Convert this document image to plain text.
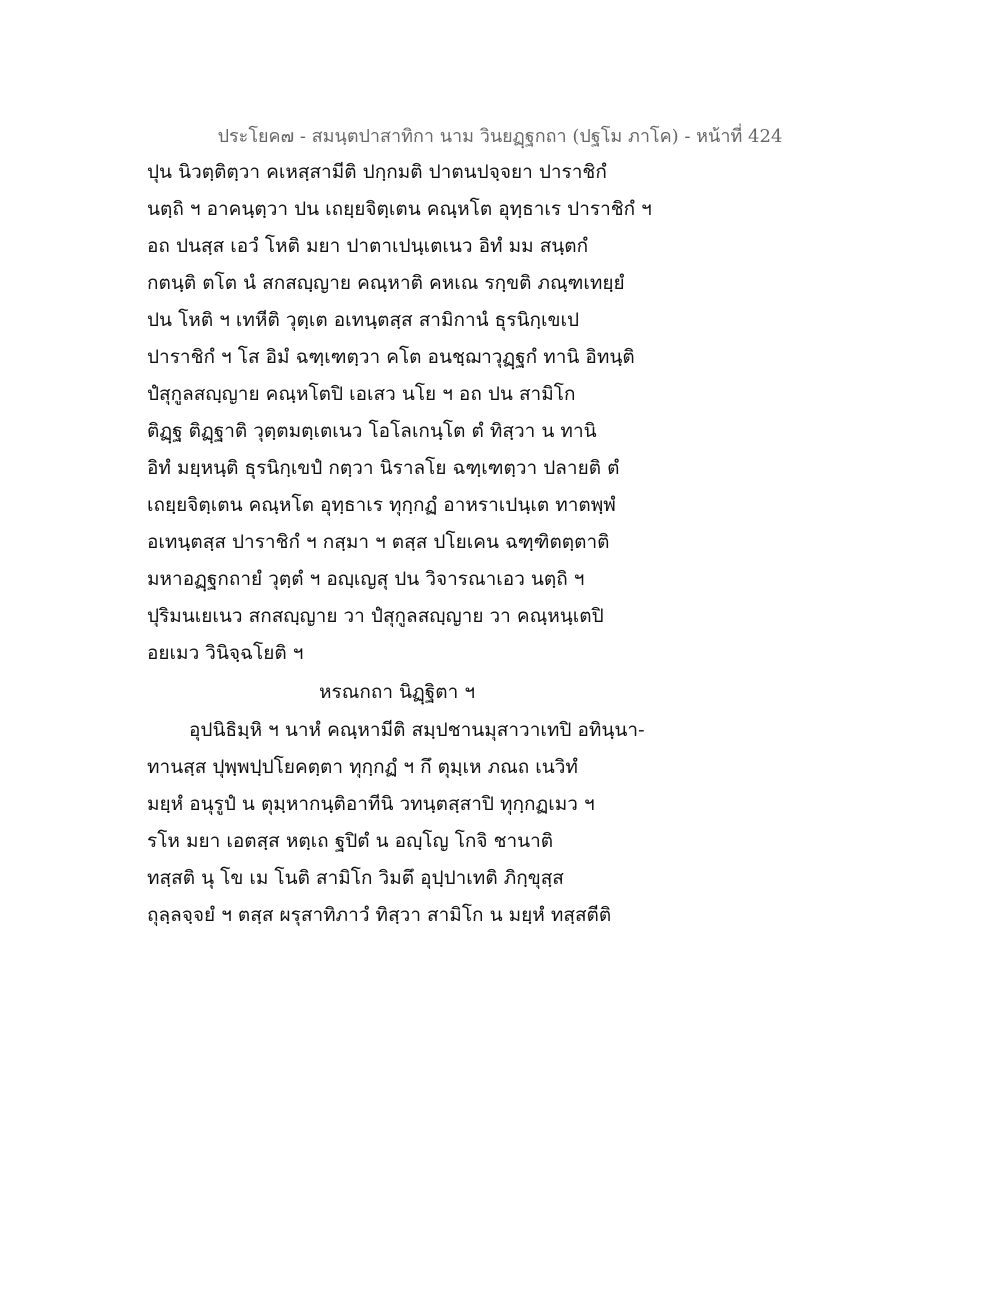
ประโยค๗ - สมนฺตปาสาทิกา นาม วินยฏฺฐกถา (ปฐโม ภาโค) - หน้าที่ 424
ปุน นิวตฺติตฺวา คเหสฺสามีติ ปกฺกมติ ปาตนปจฺจยา ปาราชิกํ
นตฺถิ ฯ อาคนฺตฺวา ปน เถยฺยจิตฺเตน คณฺหโต อุทฺธาเร ปาราชิกํ ฯ
อถ ปนสฺส เอวํ โหติ มยา ปาตาเปนฺเตเนว อิทํ มม สนฺตกํ
กตนฺติ ตโต นํ สกสญฺญาย คณฺหาติ คหเณ รกฺขติ ภณฺฑเทยฺยํ
ปน โหติ ฯ เทหีติ วุตฺเต อเทนฺตสฺส สามิกานํ ธุรนิกฺเขเป
ปาราชิกํ ฯ โส อิมํ ฉฑฺเฑตฺวา คโต อนชฺฌาวุฏฺฐกํ ทานิ อิทนฺติ
ปํสุกูลสญฺญาย คณฺหโตปิ เอเสว นโย ฯ อถ ปน สามิโก
ติฏฺฐ ติฏฺฐาติ วุตฺตมตฺเตเนว โอโลเกนฺโต ตํ ทิสฺวา น ทานิ
อิทํ มยฺหนฺติ ธุรนิกฺเขปํ กตฺวา นิราลโย ฉฑฺเฑตฺวา ปลายติ ตํ
เถยฺยจิตฺเตน คณฺหโต อุทฺธาเร ทุกฺกฏํ อาหราเปนฺเต ทาตพฺพํ
อเทนฺตสฺส ปาราชิกํ ฯ กสฺมา ฯ ตสฺส ปโยเคน ฉฑฺฑิตตฺตาติ
มหาอฏฺฐกถายํ วุตฺตํ ฯ อญฺเญสุ ปน วิจารณาเอว นตฺถิ ฯ
ปุริมนเยเนว สกสญฺญาย วา ปํสุกูลสญฺญาย วา คณฺหนฺเตปิ
อยเมว วินิจฺฉโยติ ฯ
หรณกถา นิฏฺฐิตา ฯ
อุปนิธิมฺหิ ฯ นาหํ คณฺหามีติ สมฺปชานมุสาวาเทปิ อทินฺนา-
ทานสฺส ปุพฺพปฺปโยคตฺตา ทุกฺกฏํ ฯ กึ ตุมฺเห ภณถ เนวิทํ
มยฺหํ อนุรูปํ น ตุมฺหากนฺติอาทีนิ วทนฺตสฺสาปิ ทุกฺกฏเมว ฯ
รโห มยา เอตสฺส หตฺเถ ฐปิตํ น อญฺโญ โกจิ ชานาติ
ทสฺสติ นุ โข เม โนติ สามิโก วิมตึ อุปฺปาเทติ ภิกฺขุสฺส
ถุลฺลจฺจยํ ฯ ตสฺส ผรุสาทิภาวํ ทิสฺวา สามิโก น มยฺหํ ทสฺสตีติ
